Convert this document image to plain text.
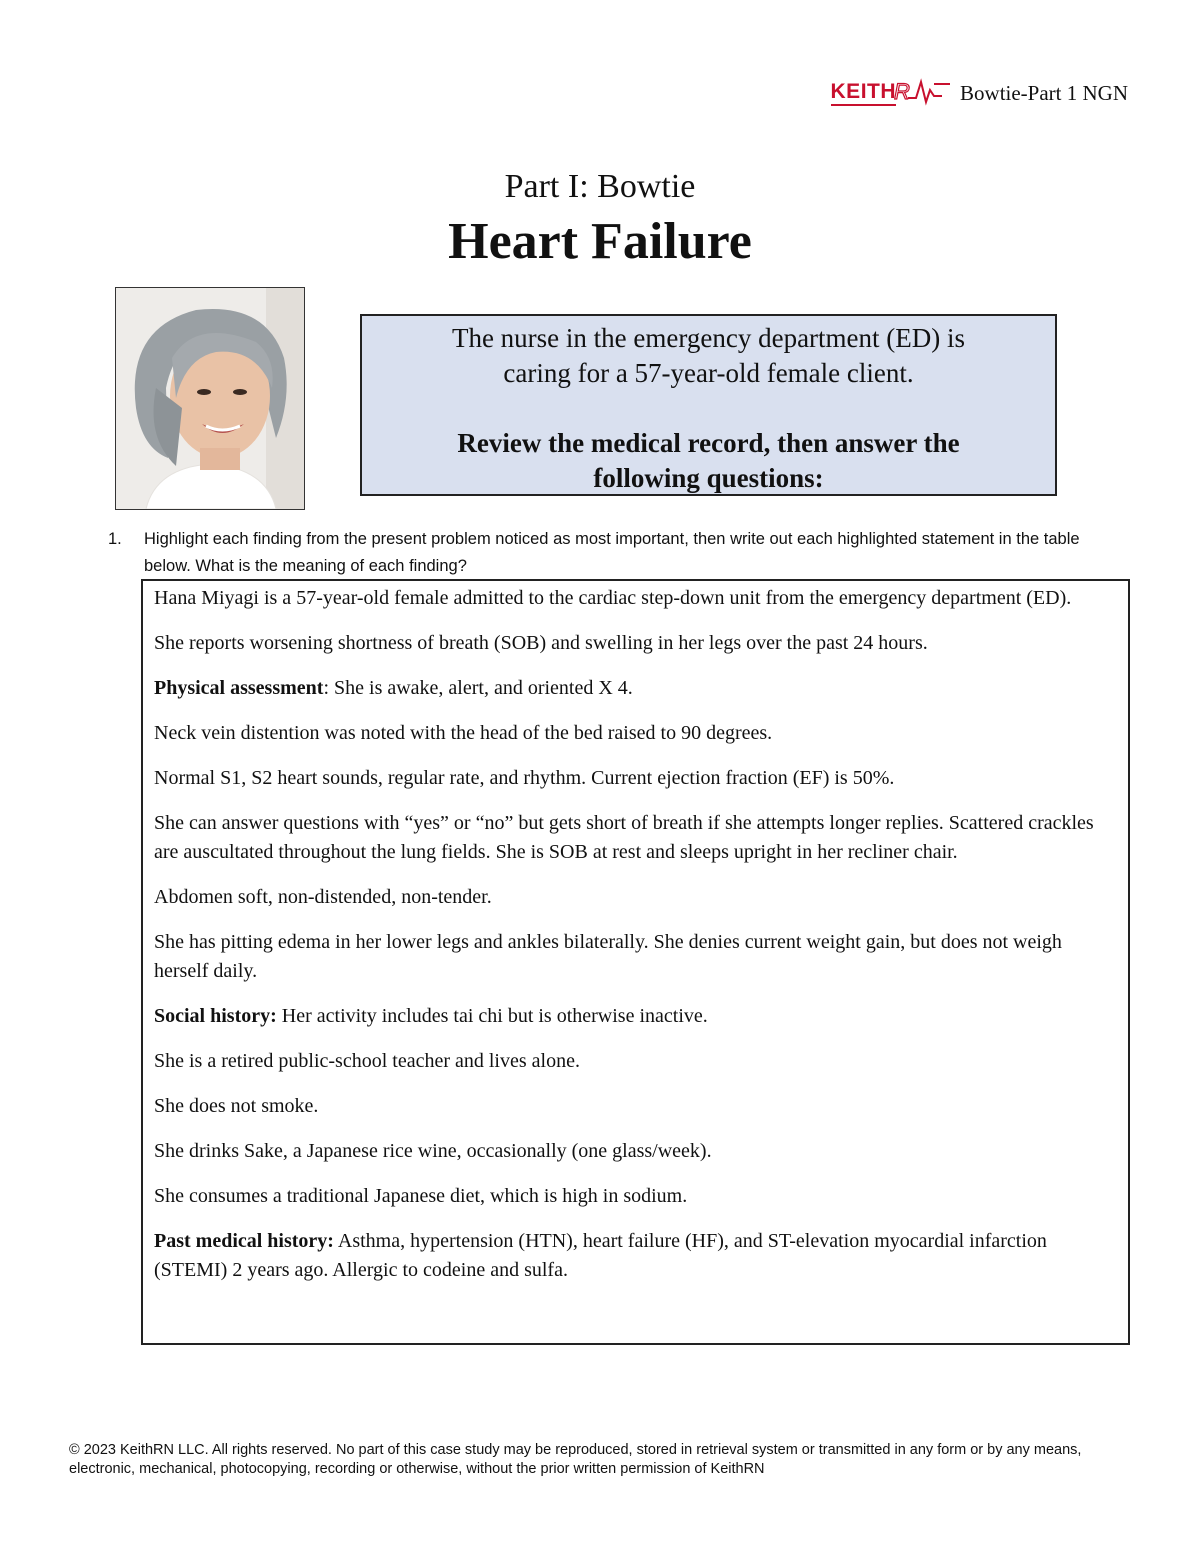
KEITH
R Bowtie-Part 1 NGN
Part I: Bowtie
Heart Failure
The nurse in the emergency department (ED) is
caring for a 57-year-old female client.
Review the medical record, then answer the
following questions:
1. Highlight each finding from the present problem noticed as most important, then write out each highlighted statement in the table below. What is the meaning of each finding?

Hana Miyagi is a 57-year-old female admitted to the cardiac step-down unit from the emergency department (ED).

She reports worsening shortness of breath (SOB) and swelling in her legs over the past 24 hours.

Physical assessment: She is awake, alert, and oriented X 4.

Neck vein distention was noted with the head of the bed raised to 90 degrees.

Normal S1, S2 heart sounds, regular rate, and rhythm. Current ejection fraction (EF) is 50%.

She can answer questions with “yes” or “no” but gets short of breath if she attempts longer replies. Scattered crackles are auscultated throughout the lung fields. She is SOB at rest and sleeps upright in her recliner chair.

Abdomen soft, non-distended, non-tender.

She has pitting edema in her lower legs and ankles bilaterally. She denies current weight gain, but does not weigh herself daily.

Social history: Her activity includes tai chi but is otherwise inactive.

She is a retired public-school teacher and lives alone.

She does not smoke.

She drinks Sake, a Japanese rice wine, occasionally (one glass/week).

She consumes a traditional Japanese diet, which is high in sodium.

Past medical history: Asthma, hypertension (HTN), heart failure (HF), and ST-elevation myocardial infarction (STEMI) 2 years ago. Allergic to codeine and sulfa.

© 2023 KeithRN LLC. All rights reserved. No part of this case study may be reproduced, stored in retrieval system or transmitted in any form or by any means, electronic, mechanical, photocopying, recording or otherwise, without the prior written permission of KeithRN
